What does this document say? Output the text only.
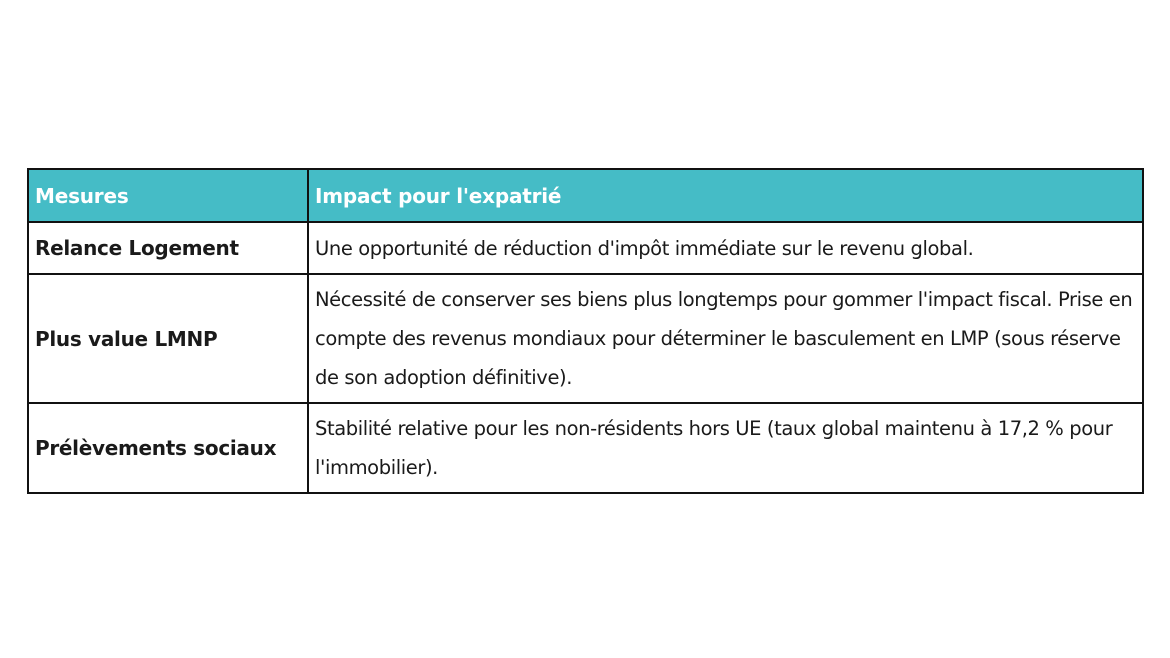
Mesures	Impact pour l'expatrié
Relance Logement	Une opportunité de réduction d'impôt immédiate sur le revenu global.
Plus value LMNP	Nécessité de conserver ses biens plus longtemps pour gommer l'impact fiscal. Prise en compte des revenus mondiaux pour déterminer le basculement en LMP (sous réserve de son adoption définitive).
Prélèvements sociaux	Stabilité relative pour les non-résidents hors UE (taux global maintenu à 17,2 % pour l'immobilier).
